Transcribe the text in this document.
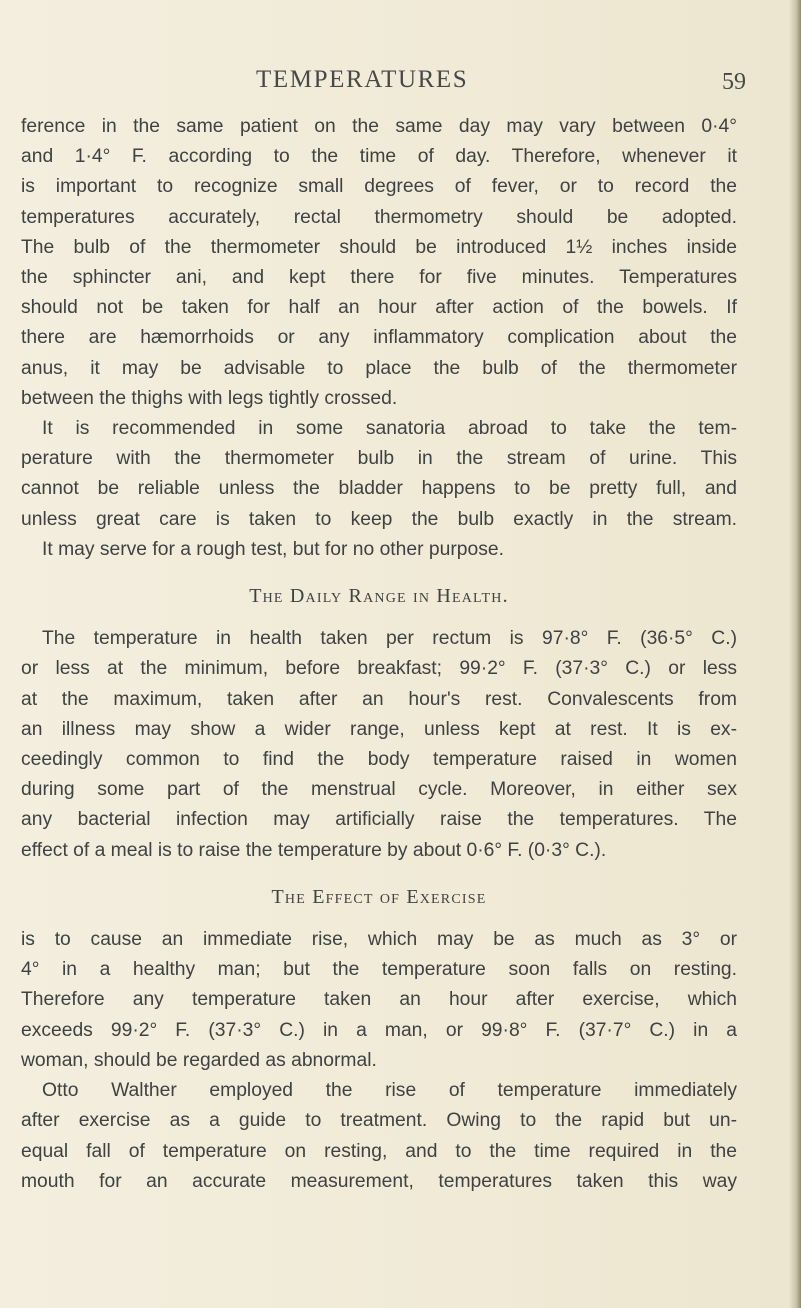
TEMPERATURES	59

ference in the same patient on the same day may vary between 0·4°

and 1·4° F. according to the time of day. Therefore, whenever it

is important to recognize small degrees of fever, or to record the

temperatures accurately, rectal thermometry should be adopted.

The bulb of the thermometer should be introduced 1½ inches inside

the sphincter ani, and kept there for five minutes. Temperatures

should not be taken for half an hour after action of the bowels. If

there are hæmorrhoids or any inflammatory complication about the

anus, it may be advisable to place the bulb of the thermometer

between the thighs with legs tightly crossed.

It is recommended in some sanatoria abroad to take the tem-

perature with the thermometer bulb in the stream of urine. This

cannot be reliable unless the bladder happens to be pretty full, and

unless great care is taken to keep the bulb exactly in the stream.

It may serve for a rough test, but for no other purpose.

The Daily Range in Health.

The temperature in health taken per rectum is 97·8° F. (36·5° C.)

or less at the minimum, before breakfast; 99·2° F. (37·3° C.) or less

at the maximum, taken after an hour's rest. Convalescents from

an illness may show a wider range, unless kept at rest. It is ex-

ceedingly common to find the body temperature raised in women

during some part of the menstrual cycle. Moreover, in either sex

any bacterial infection may artificially raise the temperatures. The

effect of a meal is to raise the temperature by about 0·6° F. (0·3° C.).

The Effect of Exercise

is to cause an immediate rise, which may be as much as 3° or

4° in a healthy man; but the temperature soon falls on resting.

Therefore any temperature taken an hour after exercise, which

exceeds 99·2° F. (37·3° C.) in a man, or 99·8° F. (37·7° C.) in a

woman, should be regarded as abnormal.

Otto Walther employed the rise of temperature immediately

after exercise as a guide to treatment. Owing to the rapid but un-

equal fall of temperature on resting, and to the time required in the

mouth for an accurate measurement, temperatures taken this way
